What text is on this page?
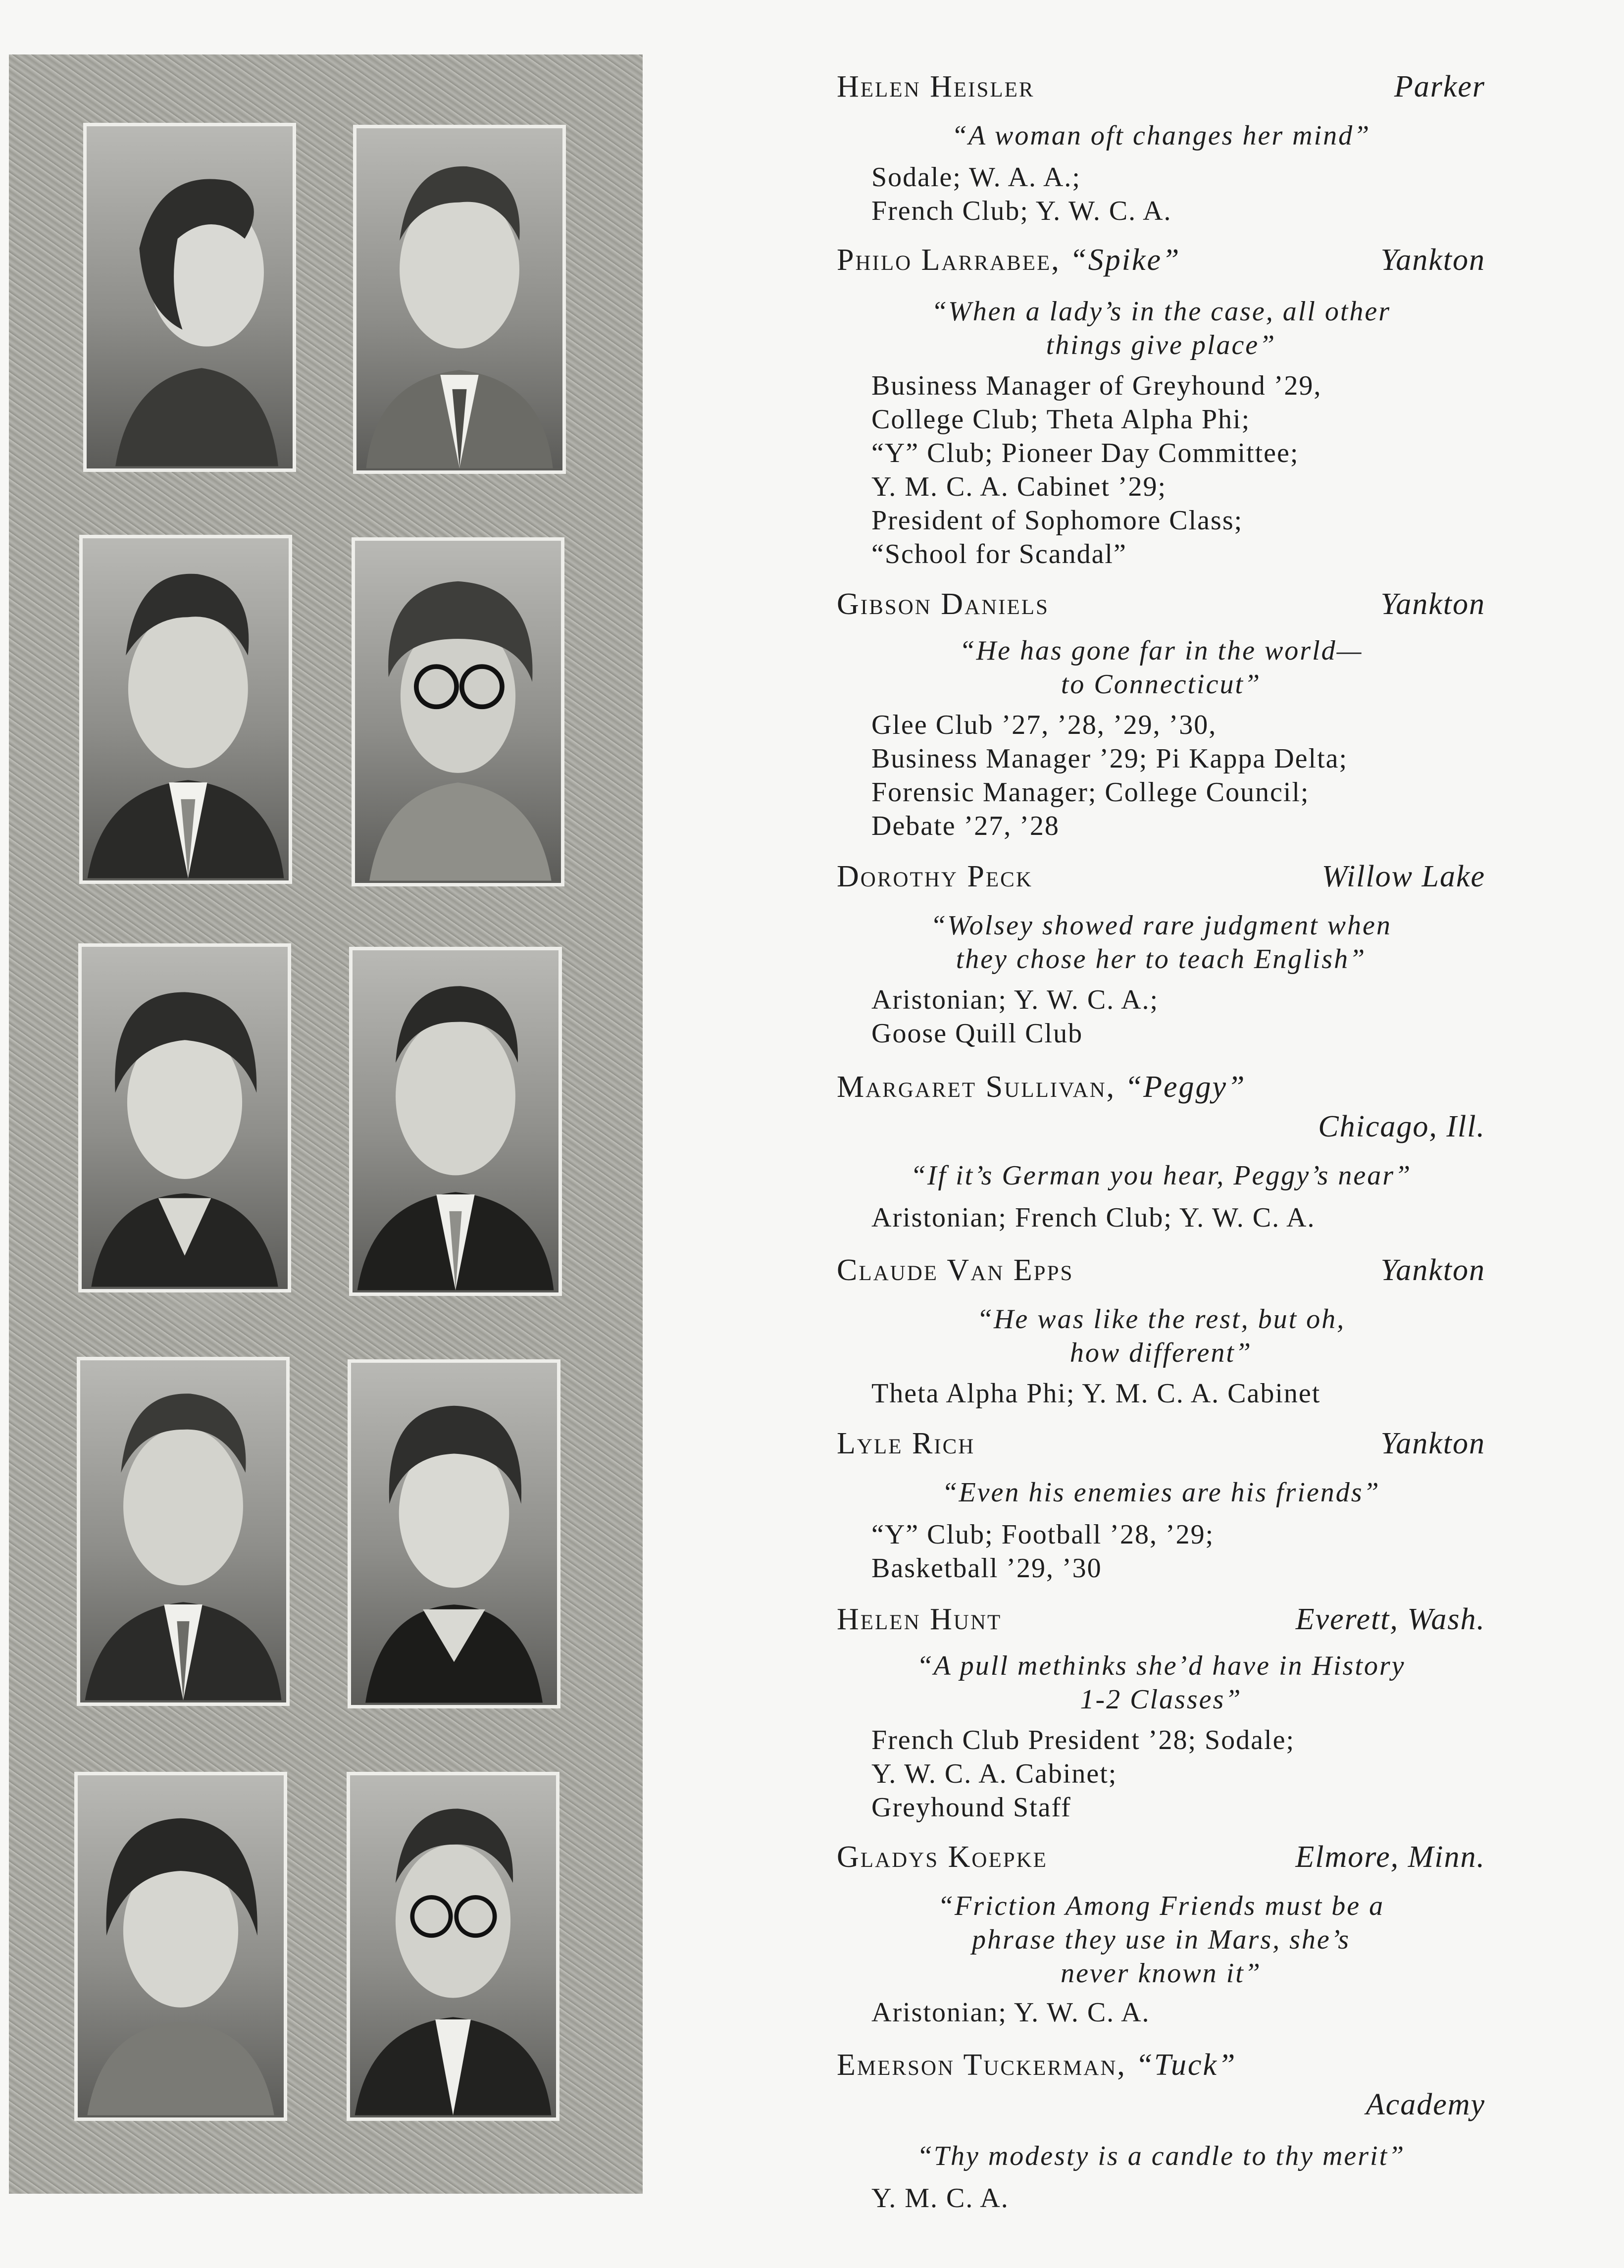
Helen Heisler	Parker
“A woman oft changes her mind”
Sodale; W. A. A.;
French Club; Y. W. C. A.
Philo Larrabee, “Spike”	Yankton
“When a lady’s in the case, all other
things give place”
Business Manager of Greyhound ’29,
College Club; Theta Alpha Phi;
“Y” Club; Pioneer Day Committee;
Y. M. C. A. Cabinet ’29;
President of Sophomore Class;
“School for Scandal”
Gibson Daniels	Yankton
“He has gone far in the world—
to Connecticut”
Glee Club ’27, ’28, ’29, ’30,
Business Manager ’29; Pi Kappa Delta;
Forensic Manager; College Council;
Debate ’27, ’28
Dorothy Peck	Willow Lake
“Wolsey showed rare judgment when
they chose her to teach English”
Aristonian; Y. W. C. A.;
Goose Quill Club
Margaret Sullivan, “Peggy”
Chicago, Ill.
“If it’s German you hear, Peggy’s near”
Aristonian; French Club; Y. W. C. A.
Claude Van Epps	Yankton
“He was like the rest, but oh,
how different”
Theta Alpha Phi; Y. M. C. A. Cabinet
Lyle Rich	Yankton
“Even his enemies are his friends”
“Y” Club; Football ’28, ’29;
Basketball ’29, ’30
Helen Hunt	Everett, Wash.
“A pull methinks she’d have in History
1-2 Classes”
French Club President ’28; Sodale;
Y. W. C. A. Cabinet;
Greyhound Staff
Gladys Koepke	Elmore, Minn.
“Friction Among Friends must be a
phrase they use in Mars, she’s
never known it”
Aristonian; Y. W. C. A.
Emerson Tuckerman, “Tuck”
Academy
“Thy modesty is a candle to thy merit”
Y. M. C. A.
